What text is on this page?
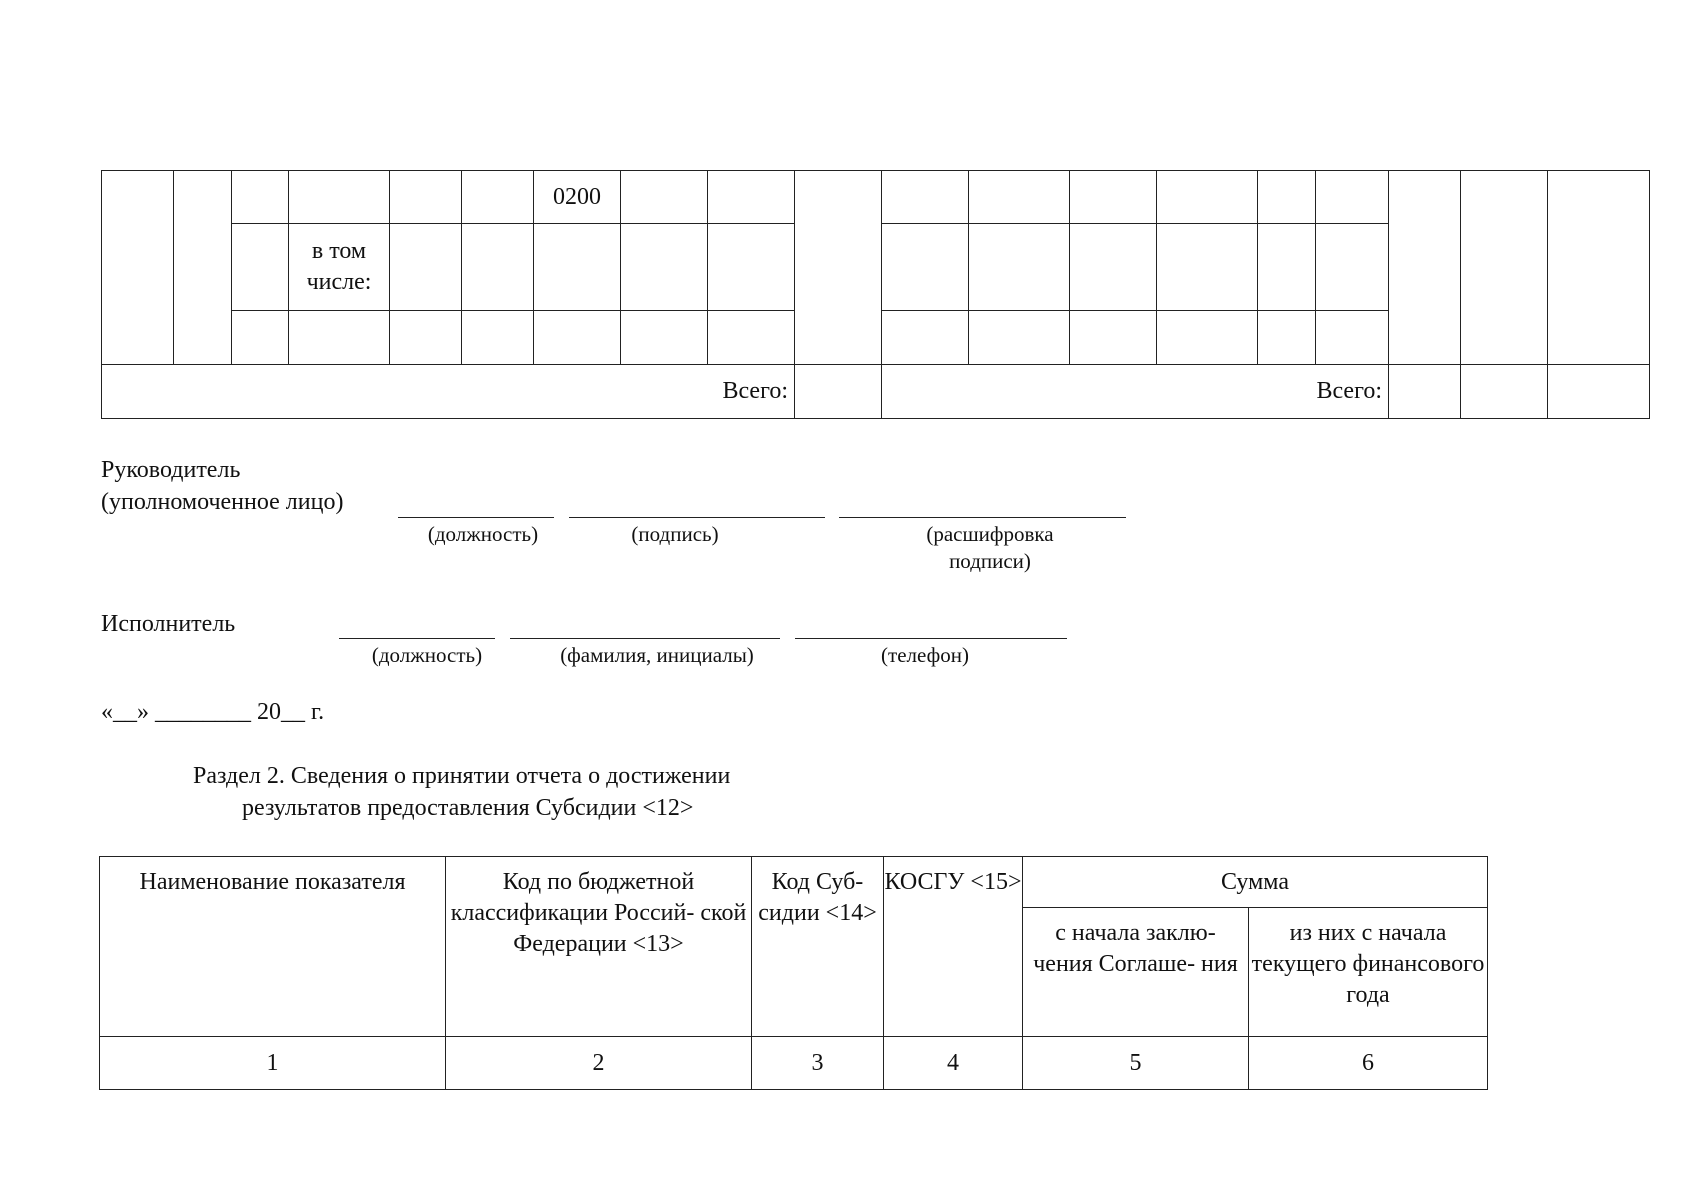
						0200												
			в том числе:															

Всего:										Всего:								
Руководитель
(уполномоченное лицо)
(должность)	(подпись)	(расшифровка подписи)
Исполнитель
(должность)	(фамилия, инициалы)	(телефон)
«__» ________ 20__ г.
Раздел 2. Сведения о принятии отчета о достижении
результатов предоставления Субсидии <12>
Наименование показателя	Код по бюджетной классификации Россий- ской Федерации <13>	Код Суб- сидии <14>	КОСГУ <15>	Сумма	
				с начала заклю- чения Соглаше- ния	из них с начала текущего финансового года
1	2	3	4	5	6
